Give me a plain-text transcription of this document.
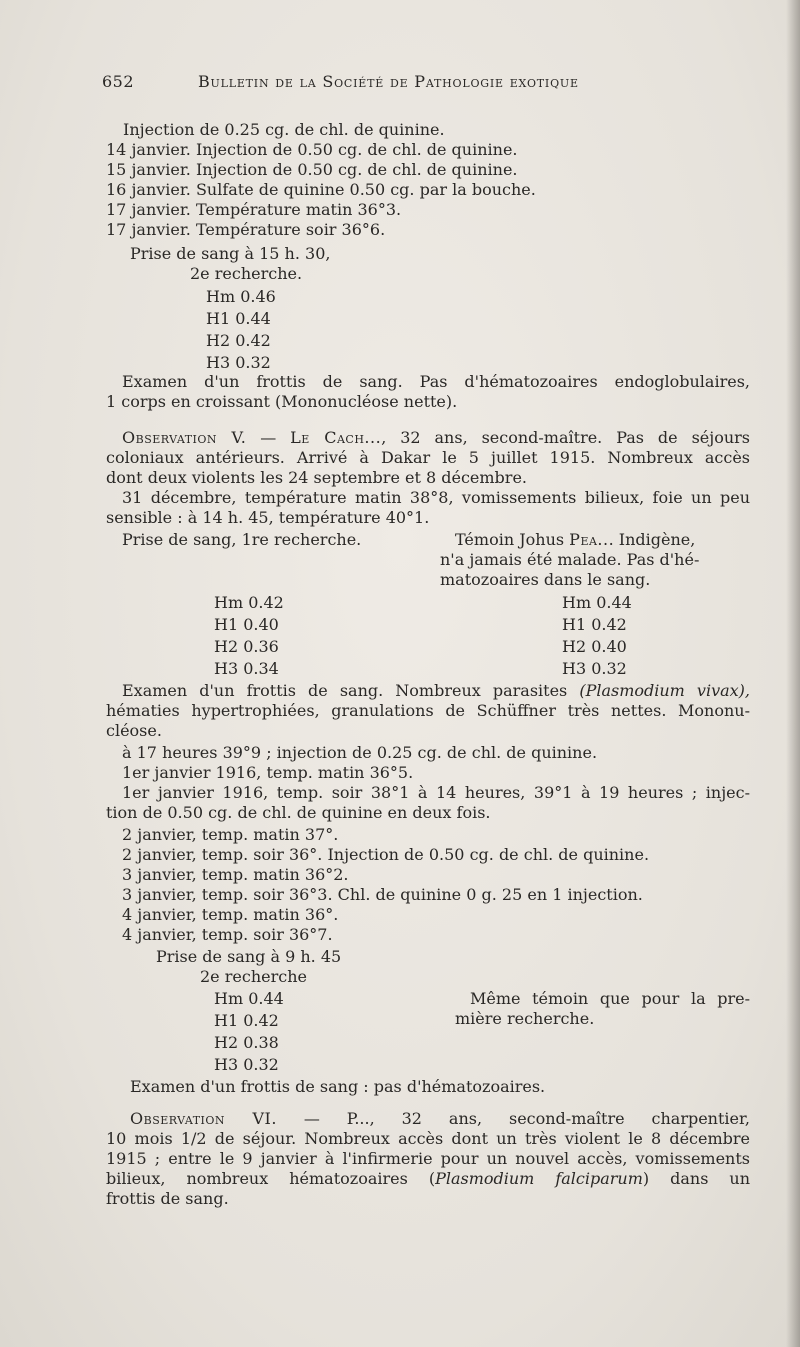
652	Bulletin de la Société de Pathologie exotique
Injection de 0.25 cg. de chl. de quinine.
14 janvier. Injection de 0.50 cg. de chl. de quinine.
15 janvier. Injection de 0.50 cg. de chl. de quinine.
16 janvier. Sulfate de quinine 0.50 cg. par la bouche.
17 janvier. Température matin 36°3.
17 janvier. Température soir 36°6.
Prise de sang à 15 h. 30,
2e recherche.
Hm 0.46
H1 0.44
H2 0.42
H3 0.32
Examen d'un frottis de sang. Pas d'hématozoaires endoglobulaires,
1 corps en croissant (Mononucléose nette).
Observation V. — Le Cach..., 32 ans, second-maître. Pas de séjours
coloniaux antérieurs. Arrivé à Dakar le 5 juillet 1915. Nombreux accès
dont deux violents les 24 septembre et 8 décembre.
31 décembre, température matin 38°8, vomissements bilieux, foie un peu
sensible : à 14 h. 45, température 40°1.
Prise de sang, 1re recherche.	Témoin Johus Pea... Indigène,
n'a jamais été malade. Pas d'hé-
matozoaires dans le sang.
Hm 0.42
H1 0.40
H2 0.36
H3 0.34
Hm 0.44
H1 0.42
H2 0.40
H3 0.32
Examen d'un frottis de sang. Nombreux parasites (Plasmodium vivax),
hématies hypertrophiées, granulations de Schüffner très nettes. Mononu-
cléose.
à 17 heures 39°9 ; injection de 0.25 cg. de chl. de quinine.
1er janvier 1916, temp. matin 36°5.
1er janvier 1916, temp. soir 38°1 à 14 heures, 39°1 à 19 heures ; injec-
tion de 0.50 cg. de chl. de quinine en deux fois.
2 janvier, temp. matin 37°.
2 janvier, temp. soir 36°. Injection de 0.50 cg. de chl. de quinine.
3 janvier, temp. matin 36°2.
3 janvier, temp. soir 36°3. Chl. de quinine 0 g. 25 en 1 injection.
4 janvier, temp. matin 36°.
4 janvier, temp. soir 36°7.
Prise de sang à 9 h. 45
2e recherche
Hm 0.44
H1 0.42
H2 0.38
H3 0.32
Même témoin que pour la pre-
mière recherche.
Examen d'un frottis de sang : pas d'hématozoaires.
Observation VI. — P..., 32 ans, second-maître charpentier,
10 mois 1/2 de séjour. Nombreux accès dont un très violent le 8 décembre
1915 ; entre le 9 janvier à l'infirmerie pour un nouvel accès, vomissements
bilieux, nombreux hématozoaires (Plasmodium falciparum) dans un
frottis de sang.
